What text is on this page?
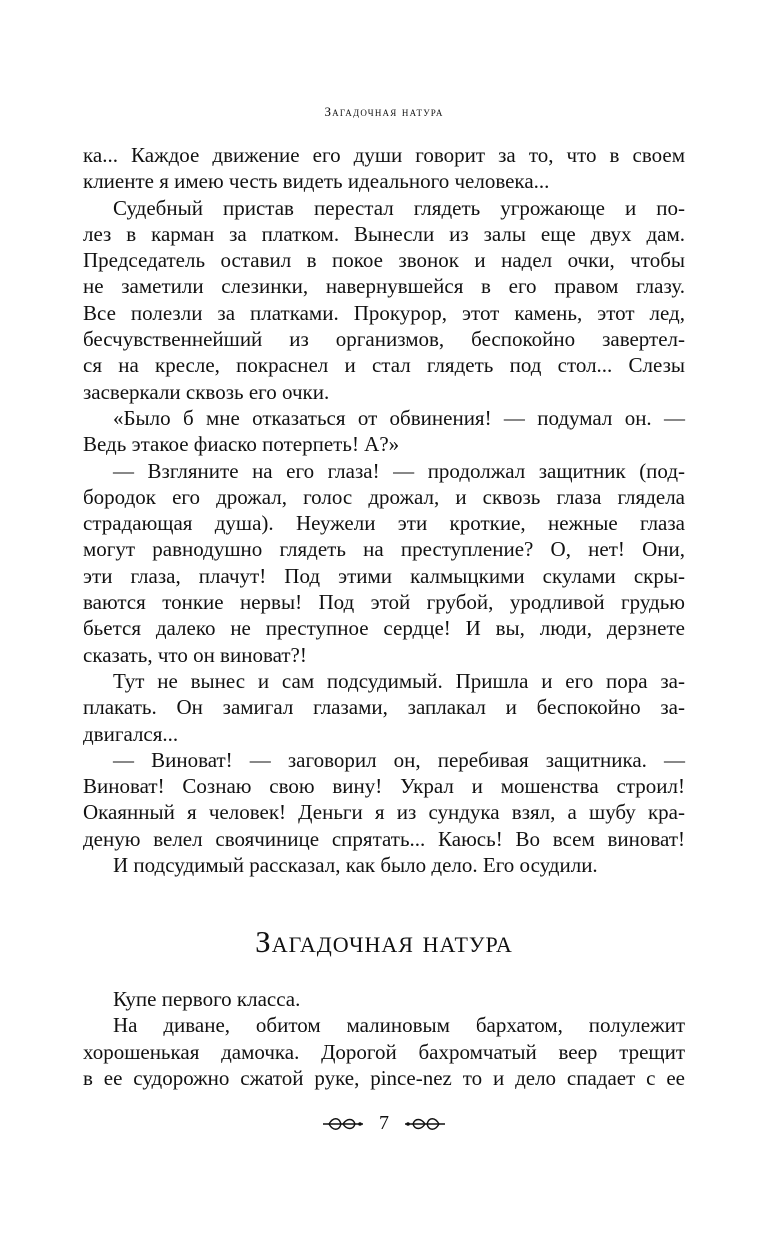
Загадочная натура
ка... Каждое движение его души говорит за то, что в своем
клиенте я имею честь видеть идеального человека...
Судебный пристав перестал глядеть угрожающе и по-
лез в карман за платком. Вынесли из залы еще двух дам.
Председатель оставил в покое звонок и надел очки, чтобы
не заметили слезинки, навернувшейся в его правом глазу.
Все полезли за платками. Прокурор, этот камень, этот лед,
бесчувственнейший из организмов, беспокойно завертел-
ся на кресле, покраснел и стал глядеть под стол... Слезы
засверкали сквозь его очки.
«Было б мне отказаться от обвинения! — подумал он. —
Ведь этакое фиаско потерпеть! А?»
— Взгляните на его глаза! — продолжал защитник (под-
бородок его дрожал, голос дрожал, и сквозь глаза глядела
страдающая душа). Неужели эти кроткие, нежные глаза
могут равнодушно глядеть на преступление? О, нет! Они,
эти глаза, плачут! Под этими калмыцкими скулами скры-
ваются тонкие нервы! Под этой грубой, уродливой грудью
бьется далеко не преступное сердце! И вы, люди, дерзнете
сказать, что он виноват?!
Тут не вынес и сам подсудимый. Пришла и его пора за-
плакать. Он замигал глазами, заплакал и беспокойно за-
двигался...
— Виноват! — заговорил он, перебивая защитника. —
Виноват! Сознаю свою вину! Украл и мошенства строил!
Окаянный я человек! Деньги я из сундука взял, а шубу кра-
деную велел своячинице спрятать... Каюсь! Во всем виноват!
И подсудимый рассказал, как было дело. Его осудили.
Загадочная натура
Купе первого класса.
На диване, обитом малиновым бархатом, полулежит
хорошенькая дамочка. Дорогой бахромчатый веер трещит
в ее судорожно сжатой руке, pince-nez то и дело спадает с ее
7
